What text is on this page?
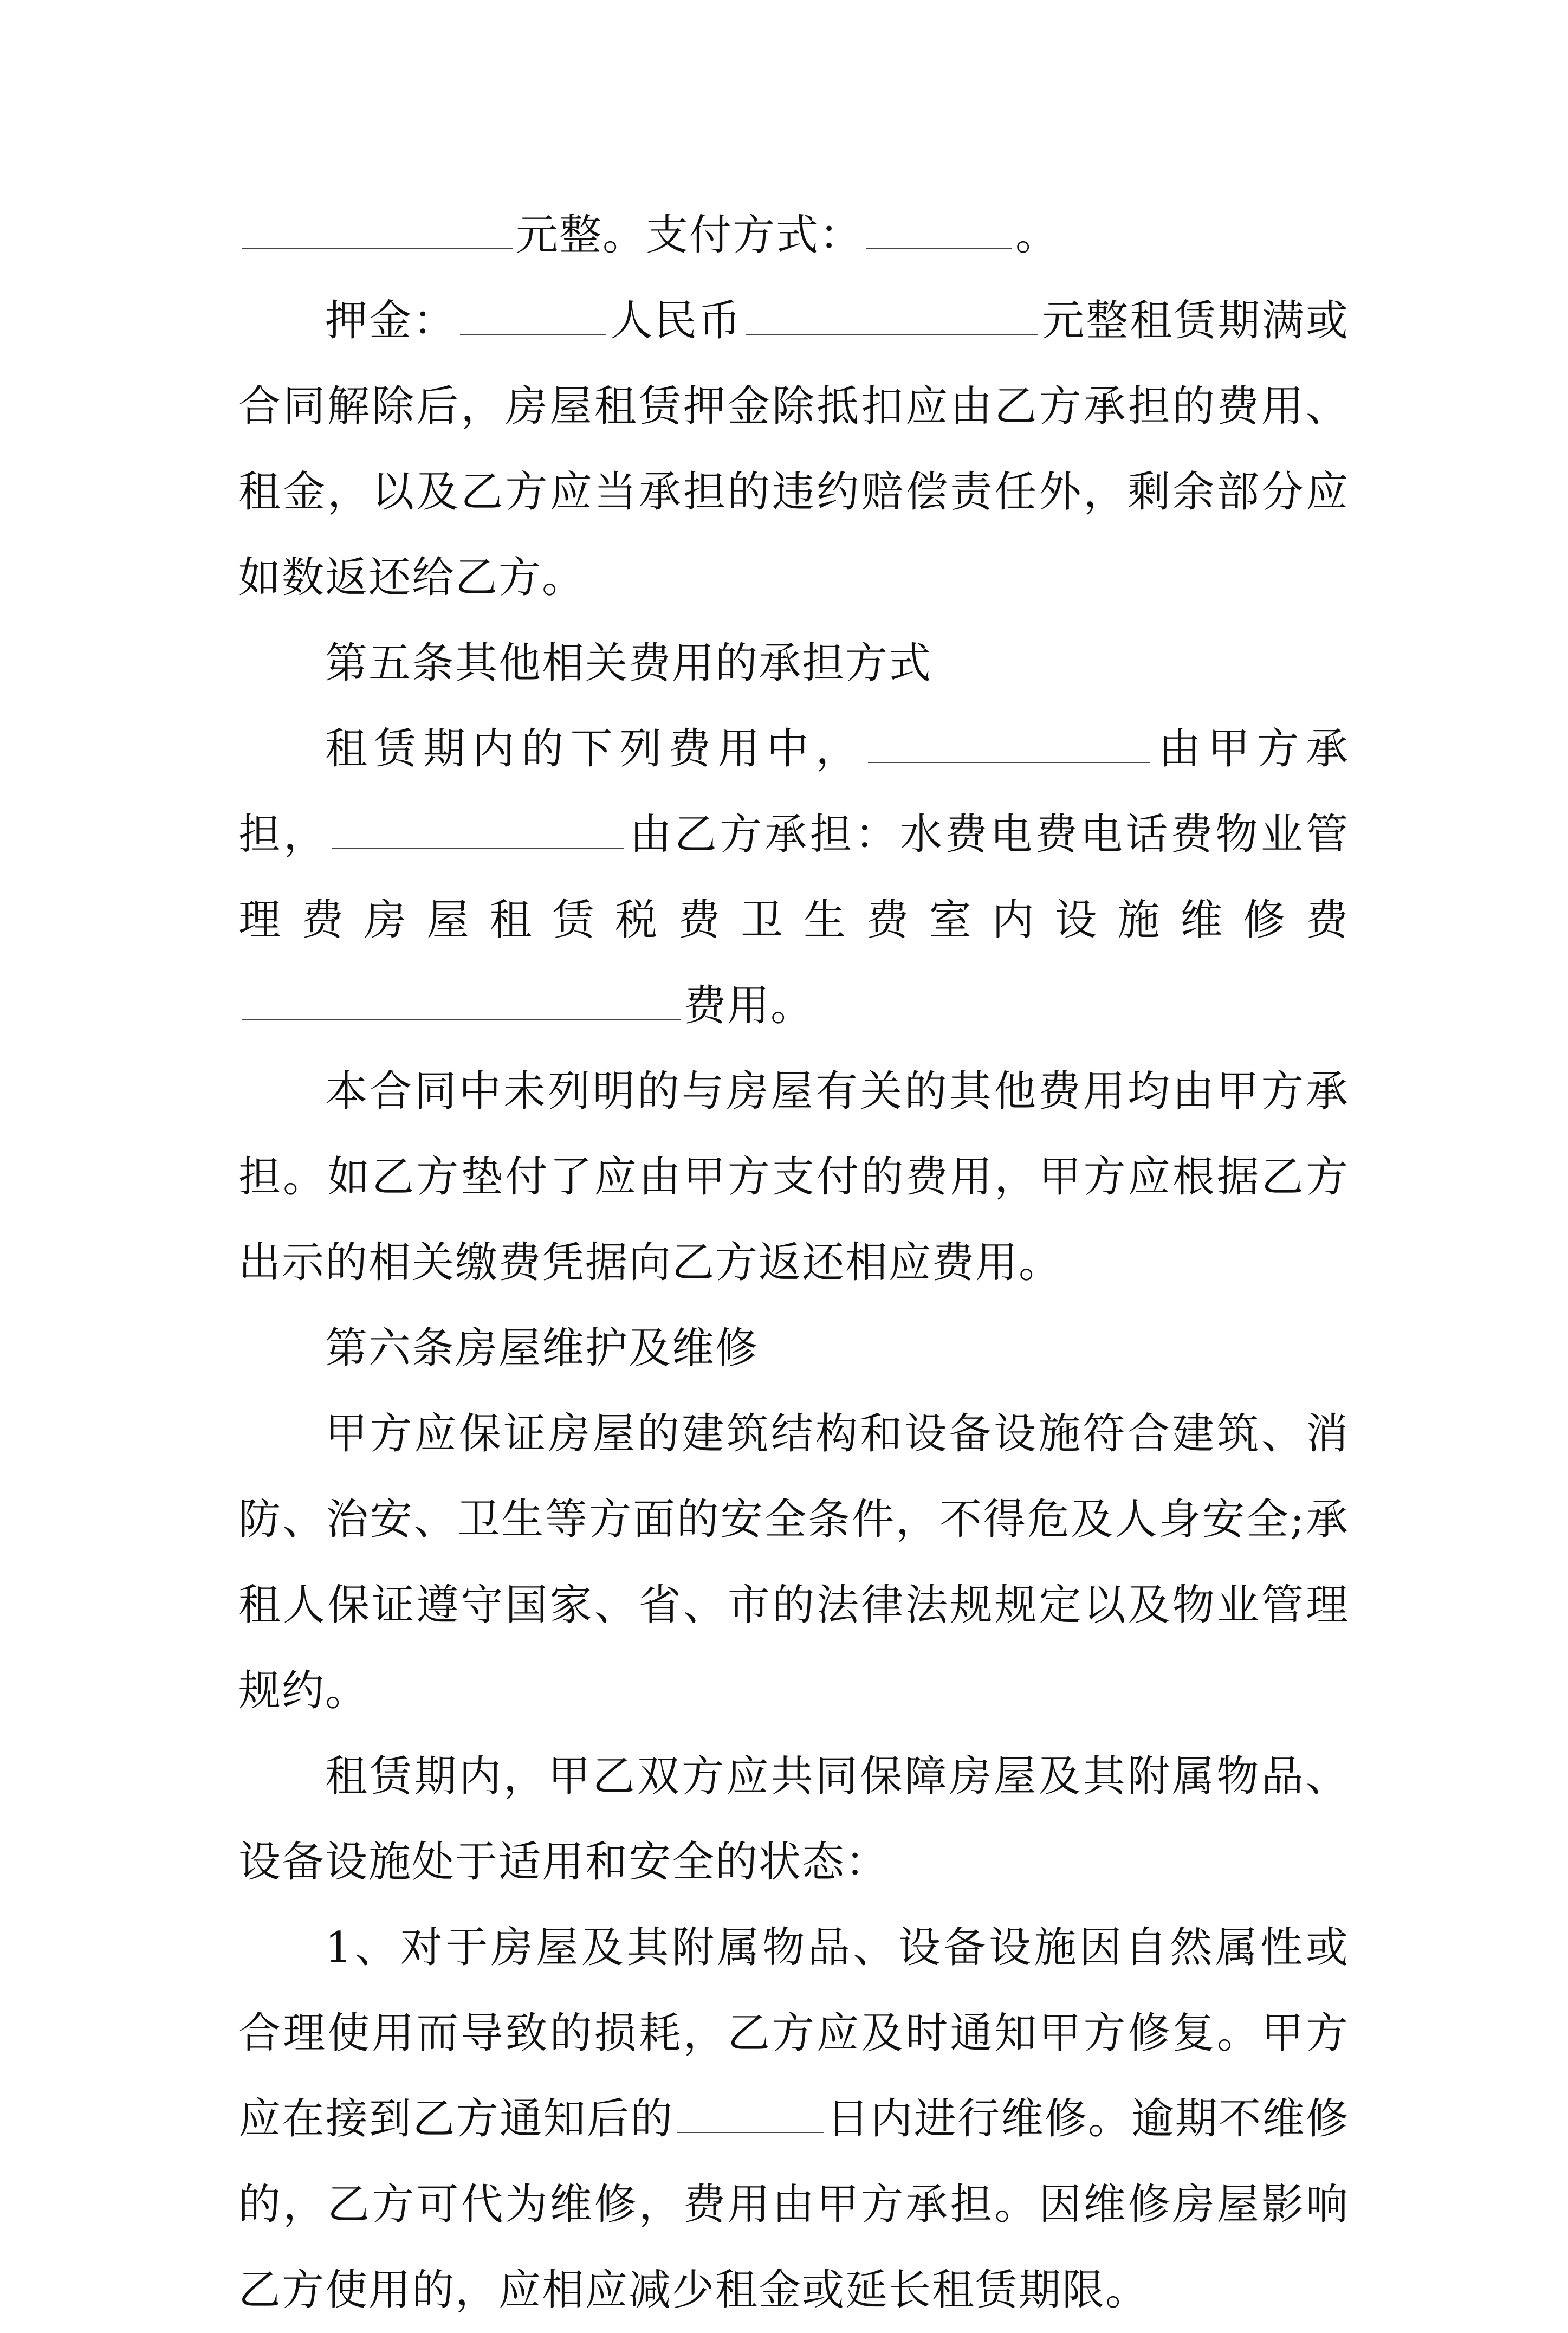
元整。支付方式：	。

押金：	人民币	元整租赁期满或合同解除后，房屋租赁押金除抵扣应由乙方承担的费用、租金，以及乙方应当承担的违约赔偿责任外，剩余部分应如数返还给乙方。

第五条其他相关费用的承担方式

租赁期内的下列费用中，	由甲方承担，	由乙方承担：水费电费电话费物业管理费房屋租赁税费卫生费室内设施维修费费用。

本合同中未列明的与房屋有关的其他费用均由甲方承担。如乙方垫付了应由甲方支付的费用，甲方应根据乙方出示的相关缴费凭据向乙方返还相应费用。

第六条房屋维护及维修

甲方应保证房屋的建筑结构和设备设施符合建筑、消防、治安、卫生等方面的安全条件，不得危及人身安全;承租人保证遵守国家、省、市的法律法规规定以及物业管理规约。

租赁期内，甲乙双方应共同保障房屋及其附属物品、设备设施处于适用和安全的状态：

1、对于房屋及其附属物品、设备设施因自然属性或合理使用而导致的损耗，乙方应及时通知甲方修复。甲方应在接到乙方通知后的	日内进行维修。逾期不维修的，乙方可代为维修，费用由甲方承担。因维修房屋影响乙方使用的，应相应减少租金或延长租赁期限。
